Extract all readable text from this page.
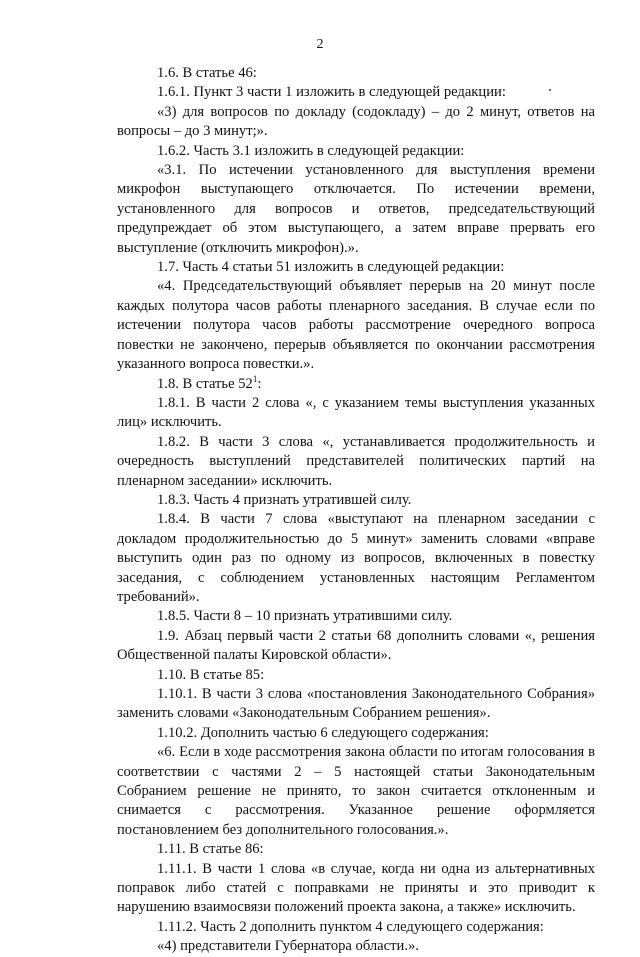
2

1.6. В статье 46:

1.6.1. Пункт 3 части 1 изложить в следующей редакции:

«3) для вопросов по докладу (содокладу) – до 2 минут, ответов на вопросы – до 3 минут;».

1.6.2. Часть 3.1 изложить в следующей редакции:

«3.1. По истечении установленного для выступления времени микрофон выступающего отключается. По истечении времени, установленного для вопросов и ответов, председательствующий предупреждает об этом выступающего, а затем вправе прервать его выступление (отключить микрофон).».

1.7. Часть 4 статьи 51 изложить в следующей редакции:

«4. Председательствующий объявляет перерыв на 20 минут после каждых полутора часов работы пленарного заседания. В случае если по истечении полутора часов работы рассмотрение очередного вопроса повестки не закончено, перерыв объявляется по окончании рассмотрения указанного вопроса повестки.».

1.8. В статье $52^1$:

1.8.1. В части 2 слова «, с указанием темы выступления указанных лиц» исключить.

1.8.2. В части 3 слова «, устанавливается продолжительность и очередность выступлений представителей политических партий на пленарном заседании» исключить.

1.8.3. Часть 4 признать утратившей силу.

1.8.4. В части 7 слова «выступают на пленарном заседании с докладом продолжительностью до 5 минут» заменить словами «вправе выступить один раз по одному из вопросов, включенных в повестку заседания, с соблюдением установленных настоящим Регламентом требований».

1.8.5. Части 8 – 10 признать утратившими силу.

1.9. Абзац первый части 2 статьи 68 дополнить словами «, решения Общественной палаты Кировской области».

1.10. В статье 85:

1.10.1. В части 3 слова «постановления Законодательного Собрания» заменить словами «Законодательным Собранием решения».

1.10.2. Дополнить частью 6 следующего содержания:

«6. Если в ходе рассмотрения закона области по итогам голосования в соответствии с частями 2 – 5 настоящей статьи Законодательным Собранием решение не принято, то закон считается отклоненным и снимается с рассмотрения. Указанное решение оформляется постановлением без дополнительного голосования.».

1.11. В статье 86:

1.11.1. В части 1 слова «в случае, когда ни одна из альтернативных поправок либо статей с поправками не приняты и это приводит к нарушению взаимосвязи положений проекта закона, а также» исключить.

1.11.2. Часть 2 дополнить пунктом 4 следующего содержания:

«4) представители Губернатора области.».
